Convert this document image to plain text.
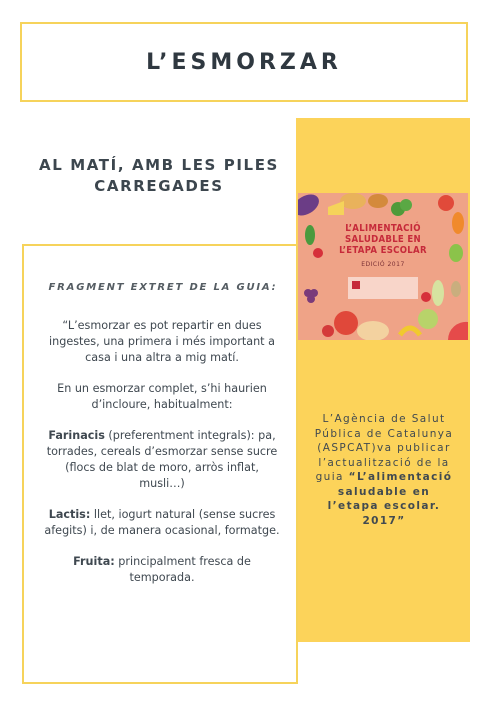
L’ESMORZAR
AL MATÍ, AMB LES PILES
CARREGADES
L’ALIMENTACIÓ
SALUDABLE EN
L’ETAPA ESCOLAR
EDICIÓ 2017
L’Agència de Salut Pública de Catalunya (ASPCAT)va publicar l’actualització de la guia “L’alimentació saludable en l’etapa escolar. 2017”
FRAGMENT EXTRET DE LA GUIA:

“L’esmorzar es pot repartir en dues ingestes, una primera i més important a casa i una altra a mig matí.

En un esmorzar complet, s’hi haurien d’incloure, habitualment:

Farinacis (preferentment integrals): pa, torrades, cereals d’esmorzar sense sucre (flocs de blat de moro, arròs inflat, musli…)

Lactis: llet, iogurt natural (sense sucres afegits) i, de manera ocasional, formatge.

Fruita: principalment fresca de temporada.
